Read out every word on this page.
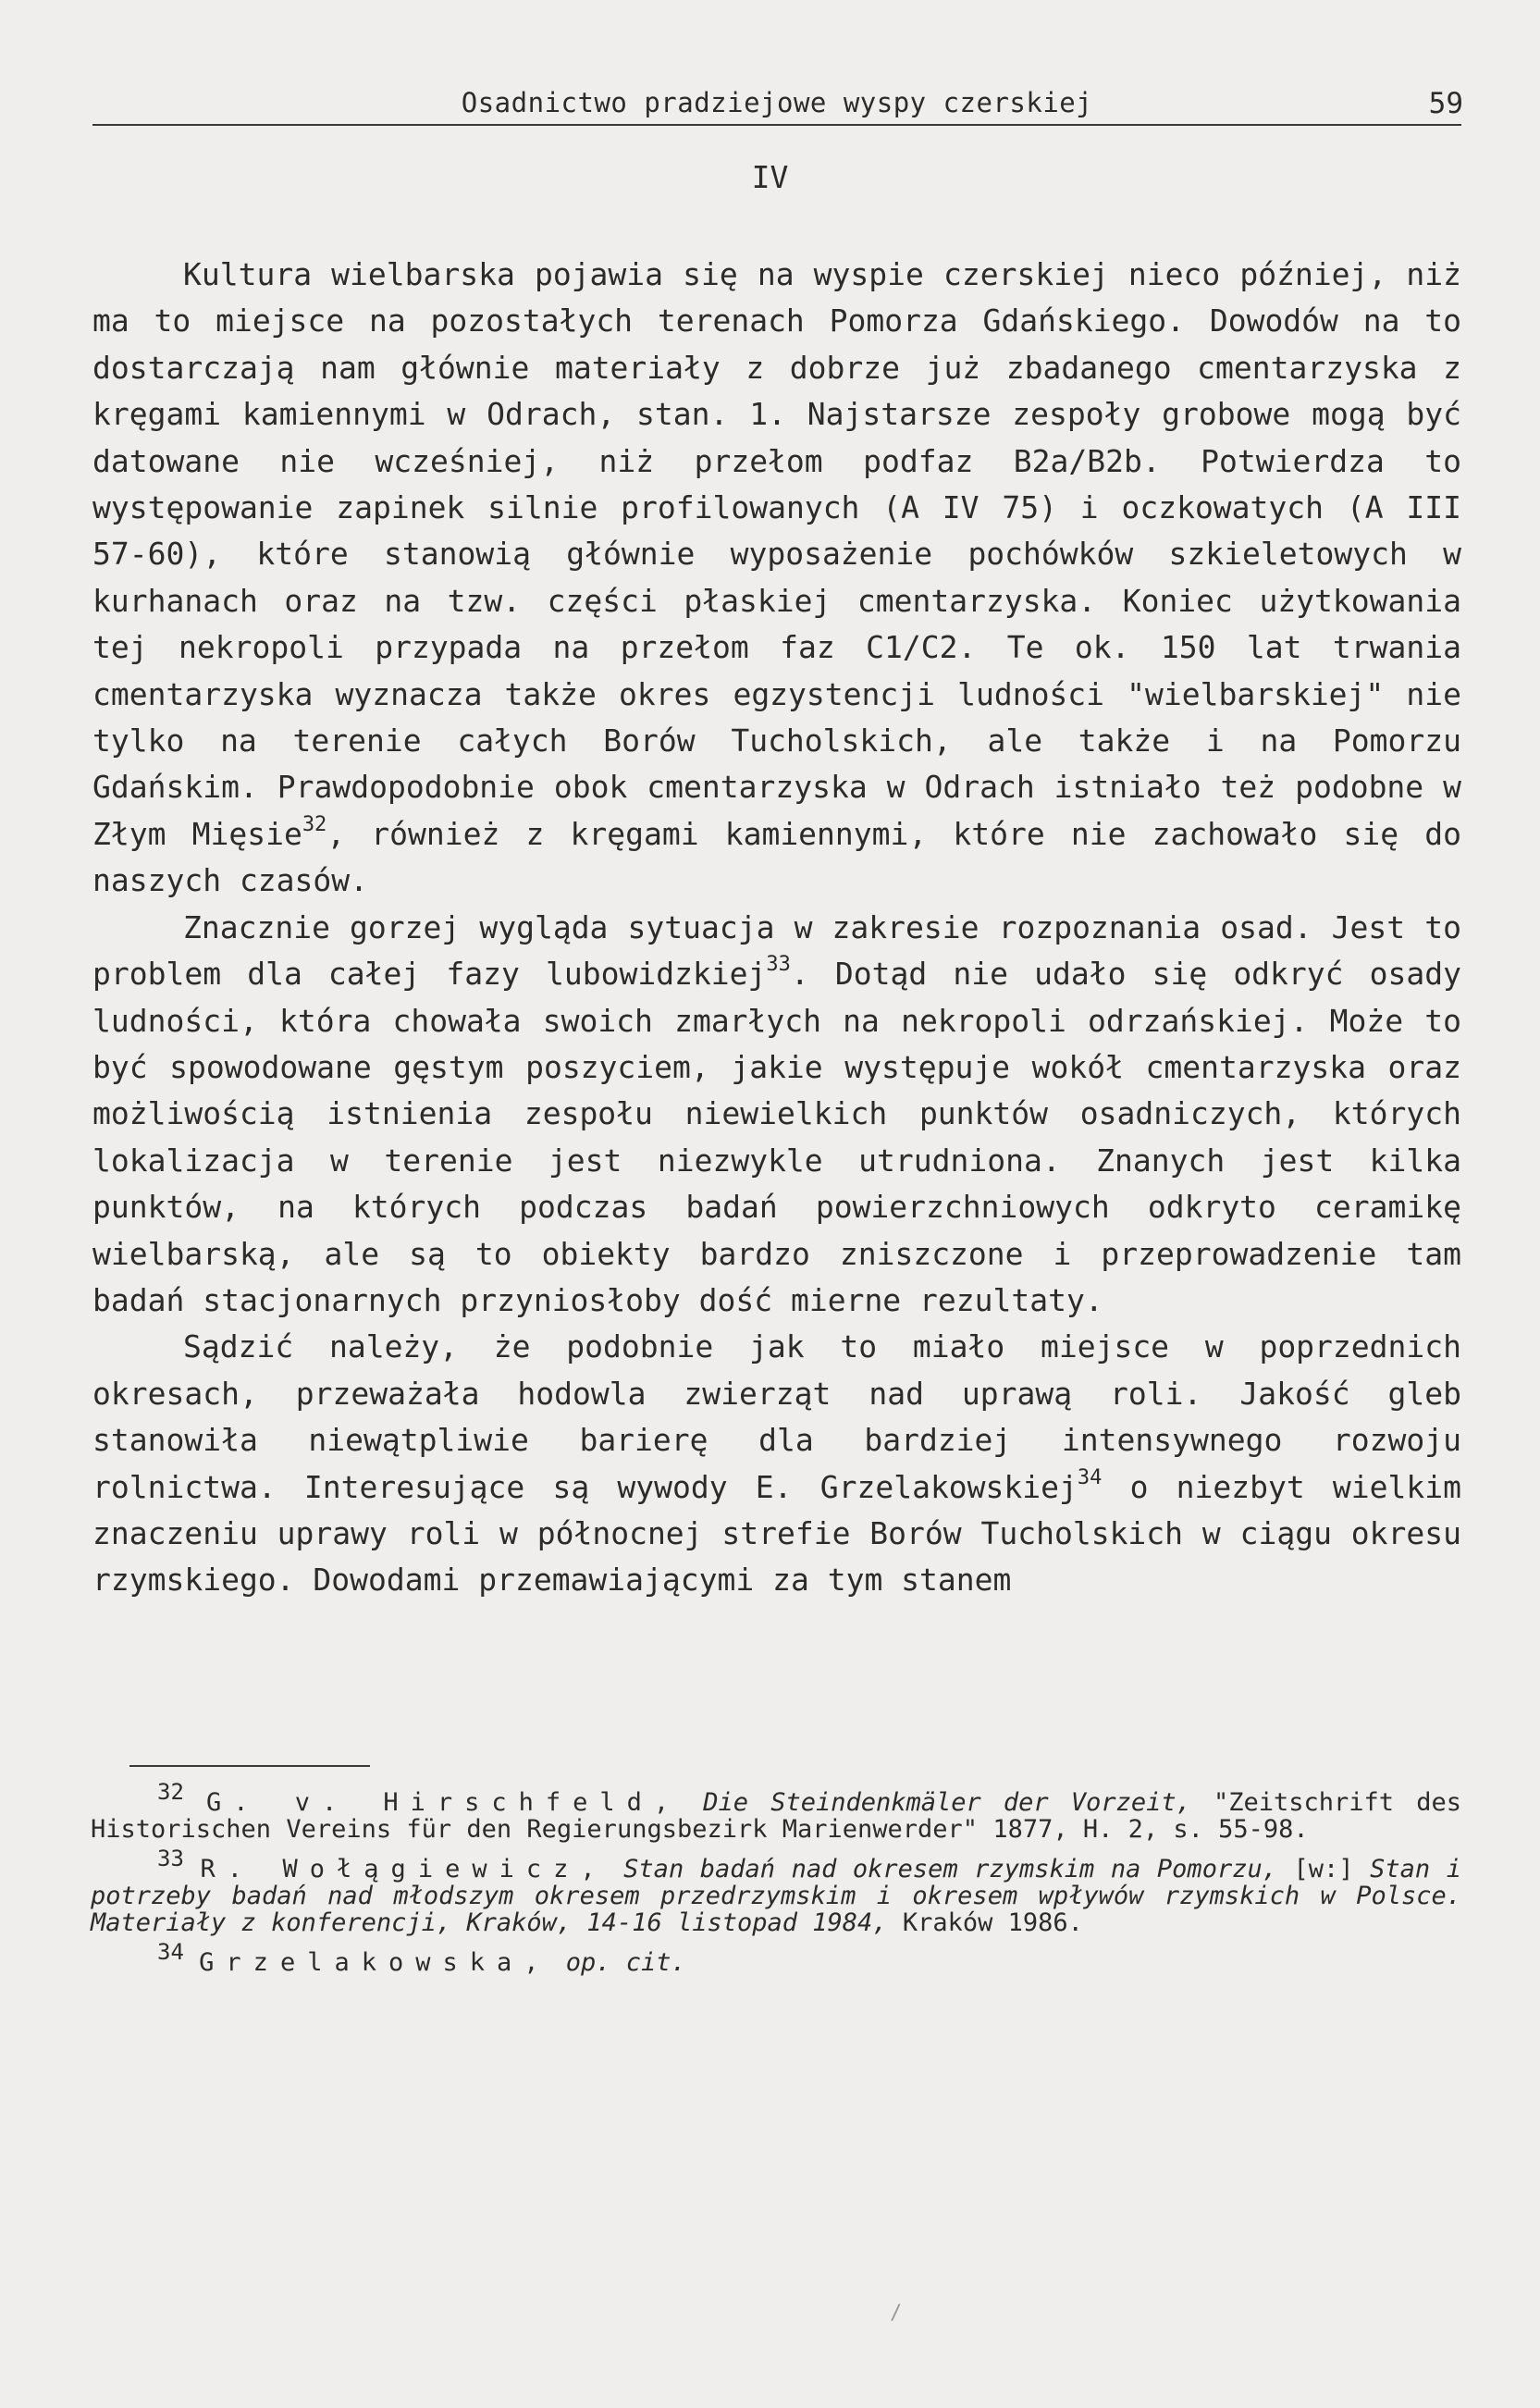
Osadnictwo pradziejowe wyspy czerskiej	59
IV

Kultura wielbarska pojawia się na wyspie czerskiej nieco później, niż ma to miejsce na pozostałych terenach Pomorza Gdańskiego. Dowodów na to dostarczają nam głównie materiały z dobrze już zbadanego cmentarzyska z kręgami kamiennymi w Odrach, stan. 1. Najstarsze zespoły grobowe mogą być datowane nie wcześniej, niż przełom podfaz B2a/B2b. Potwierdza to występowanie zapinek silnie profilowanych (A IV 75) i oczkowatych (A III 57-60), które stanowią głównie wyposażenie pochówków szkieletowych w kurhanach oraz na tzw. części płaskiej cmentarzyska. Koniec użytkowania tej nekropoli przypada na przełom faz C1/C2. Te ok. 150 lat trwania cmentarzyska wyznacza także okres egzystencji ludności "wielbarskiej" nie tylko na terenie całych Borów Tucholskich, ale także i na Pomorzu Gdańskim. Prawdopodobnie obok cmentarzyska w Odrach istniało też podobne w Złym Mięsie$^{32}$, również z kręgami kamiennymi, które nie zachowało się do naszych czasów.

Znacznie gorzej wygląda sytuacja w zakresie rozpoznania osad. Jest to problem dla całej fazy lubowidzkiej$^{33}$. Dotąd nie udało się odkryć osady ludności, która chowała swoich zmarłych na nekropoli odrzańskiej. Może to być spowodowane gęstym poszyciem, jakie występuje wokół cmentarzyska oraz możliwością istnienia zespołu niewielkich punktów osadniczych, których lokalizacja w terenie jest niezwykle utrudniona. Znanych jest kilka punktów, na których podczas badań powierzchniowych odkryto ceramikę wielbarską, ale są to obiekty bardzo zniszczone i przeprowadzenie tam badań stacjonarnych przyniosłoby dość mierne rezultaty.

Sądzić należy, że podobnie jak to miało miejsce w poprzednich okresach, przeważała hodowla zwierząt nad uprawą roli. Jakość gleb stanowiła niewątpliwie barierę dla bardziej intensywnego rozwoju rolnictwa. Interesujące są wywody E. Grzelakowskiej$^{34}$ o niezbyt wielkim znaczeniu uprawy roli w północnej strefie Borów Tucholskich w ciągu okresu rzymskiego. Dowodami przemawiającymi za tym stanem

$^{32}$ G. v. Hirschfeld, Die Steindenkmäler der Vorzeit, "Zeitschrift des Historischen Vereins für den Regierungsbezirk Marienwerder" 1877, H. 2, s. 55-98.
$^{33}$ R. Wołągiewicz, Stan badań nad okresem rzymskim na Pomorzu, [w:] Stan i potrzeby badań nad młodszym okresem przedrzymskim i okresem wpływów rzymskich w Polsce. Materiały z konferencji, Kraków, 14-16 listopad 1984, Kraków 1986.
$^{34}$ Grzelakowska, op. cit.
/
